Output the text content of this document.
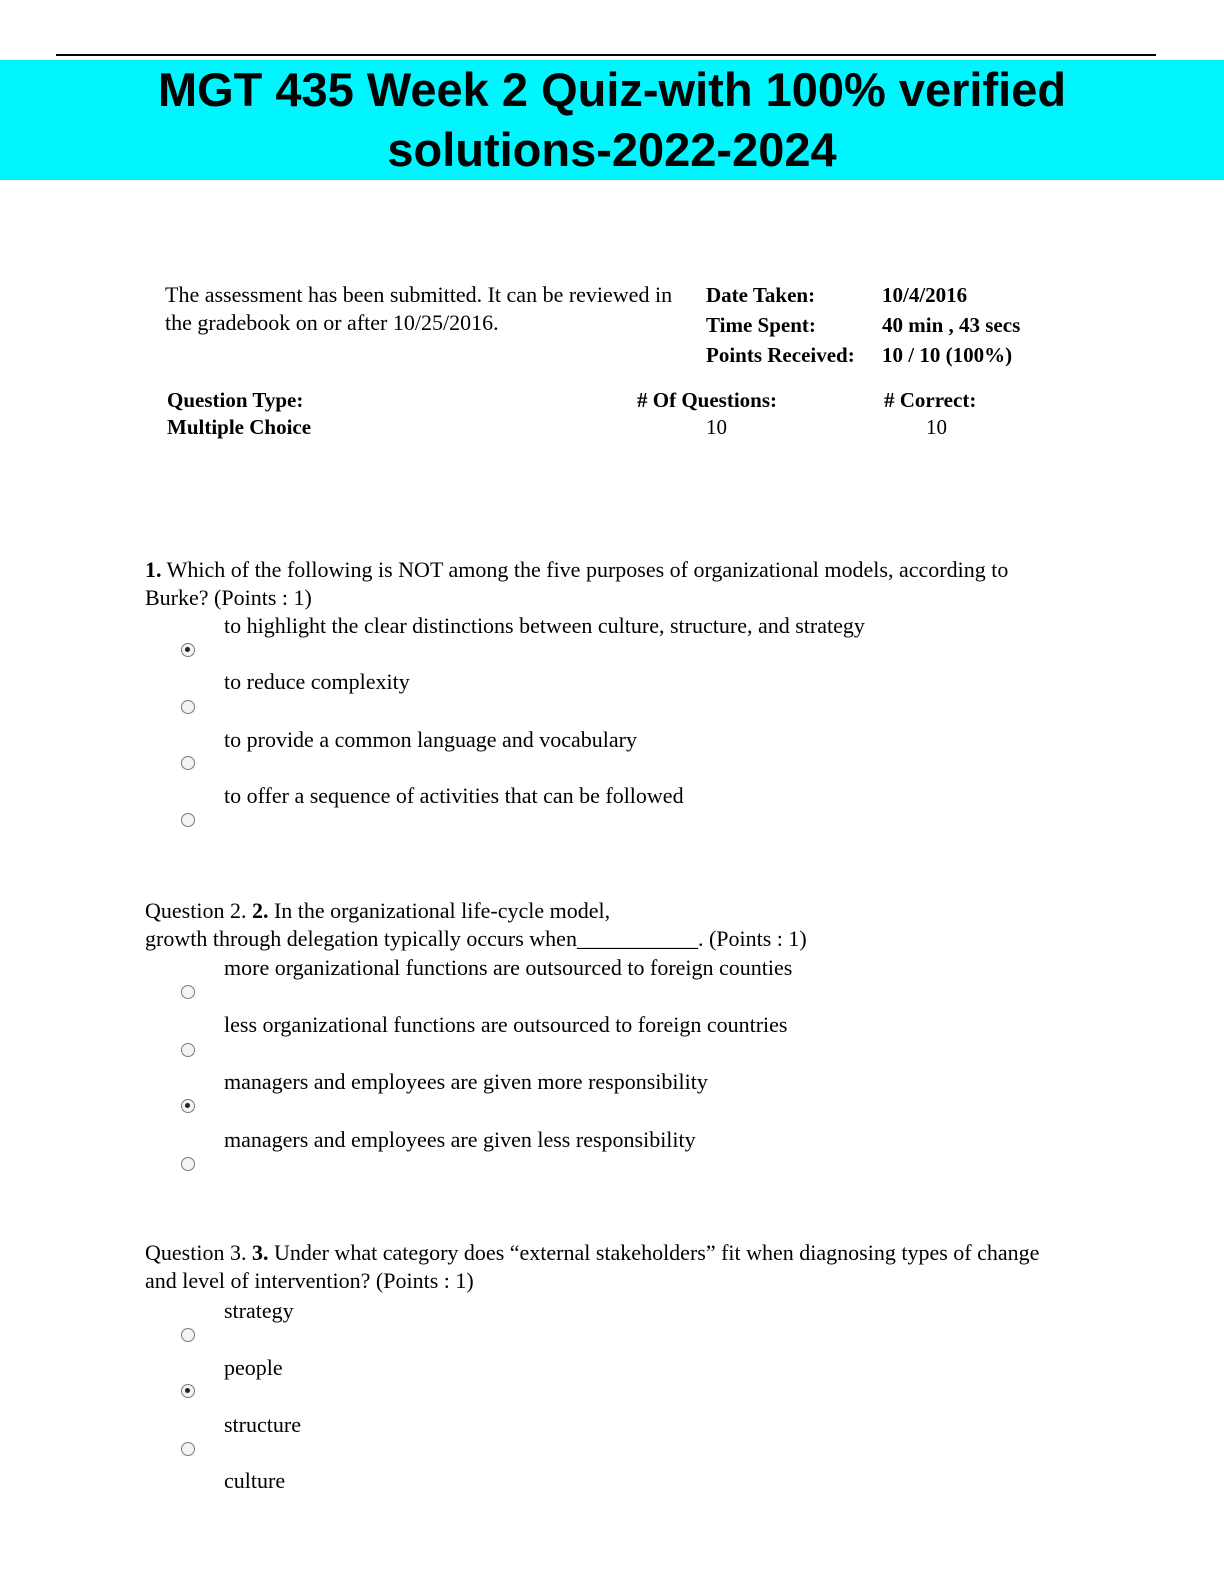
MGT 435 Week 2 Quiz-with 100% verified
solutions-2022-2024
The assessment has been submitted. It can be reviewed in the gradebook on or after 10/25/2016.
Date Taken:	10/4/2016
Time Spent:	40 min , 43 secs
Points Received:	10 / 10 (100%)
Question Type:
Multiple Choice
# Of Questions:
10
# Correct:
10
1. Which of the following is NOT among the five purposes of organizational models, according to Burke? (Points : 1)
to highlight the clear distinctions between culture, structure, and strategy
to reduce complexity
to provide a common language and vocabulary
to offer a sequence of activities that can be followed
Question 2. 2. In the organizational life-cycle model,
growth through delegation typically occurs when___________. (Points : 1)
more organizational functions are outsourced to foreign counties
less organizational functions are outsourced to foreign countries
managers and employees are given more responsibility
managers and employees are given less responsibility
Question 3. 3. Under what category does “external stakeholders” fit when diagnosing types of change and level of intervention? (Points : 1)
strategy
people
structure
culture
